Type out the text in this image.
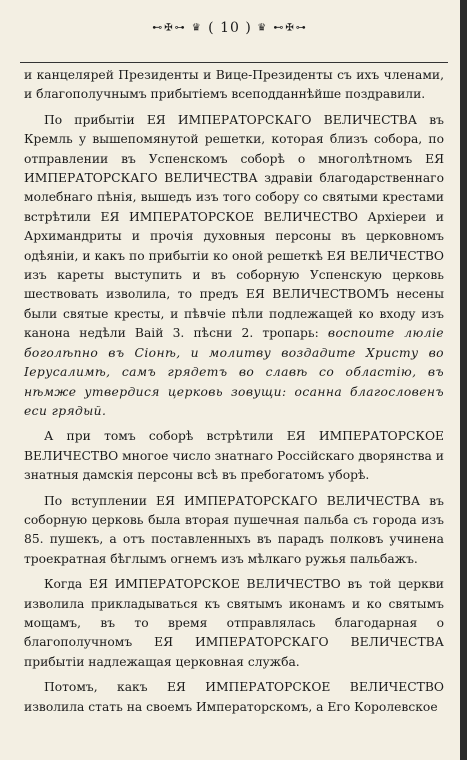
⊷✠⊶ ♛ ( 10 ) ♛ ⊷✠⊶

и канцелярей Президенты и Вице-Президенты съ ихъ членами, и благополучнымъ прибытіемъ всеподданнѣйше поздравили.

По прибытіи ЕЯ ИМПЕРАТОРСКАГО ВЕЛИЧЕСТВА въ Кремль у вышепомянутой решетки, которая близъ собора, по отправлении въ Успенскомъ соборѣ о многолѣтномъ ЕЯ ИМПЕРАТОРСКАГО ВЕЛИЧЕСТВА здравіи благодарственнаго молебнаго пѣнія, вышедъ изъ того собору со святыми крестами встрѣтили ЕЯ ИМПЕРАТОРСКОЕ ВЕЛИЧЕСТВО Архіереи и Архимандриты и прочія духовныя персоны въ церковномъ одѣяніи, и какъ по прибытіи ко оной решеткѣ ЕЯ ВЕЛИЧЕСТВО изъ кареты выступить и въ соборную Успенскую церковь шествовать изволила, то предъ ЕЯ ВЕЛИЧЕСТВОМЪ несены были святые кресты, и пѣвчіе пѣли подлежащей ко входу изъ канона недѣли Ваій 3. пѣсни 2. тропарь: воспоите люліе боголѣпно въ Сіонѣ, и молитву воздадите Христу во Іерусалимѣ, самъ грядетъ во славѣ со областію, въ нѣмже утвердися церковь зовущи: осанна благословенъ еси грядый.

А при томъ соборѣ встрѣтили ЕЯ ИМПЕРАТОРСКОЕ ВЕЛИЧЕСТВО многое число знатнаго Россійскаго дворянства и знатныя дамскія персоны всѣ въ пребогатомъ уборѣ.

По вступлении ЕЯ ИМПЕРАТОРСКАГО ВЕЛИЧЕСТВА въ соборную церковь была вторая пушечная пальба съ города изъ 85. пушекъ, а отъ поставленныхъ въ парадъ полковъ учинена троекратная бѣглымъ огнемъ изъ мѣлкаго ружья пальбажъ.

Когда ЕЯ ИМПЕРАТОРСКОЕ ВЕЛИЧЕСТВО въ той церкви изволила прикладываться къ святымъ иконамъ и ко святымъ мощамъ, въ то время отправлялась благодарная о благополучномъ ЕЯ ИМПЕРАТОРСКАГО ВЕЛИЧЕСТВА прибытіи надлежащая церковная служба.

Потомъ, какъ ЕЯ ИМПЕРАТОРСКОЕ ВЕЛИЧЕСТВО изволила стать на своемъ Императорскомъ, а Его Королевское
